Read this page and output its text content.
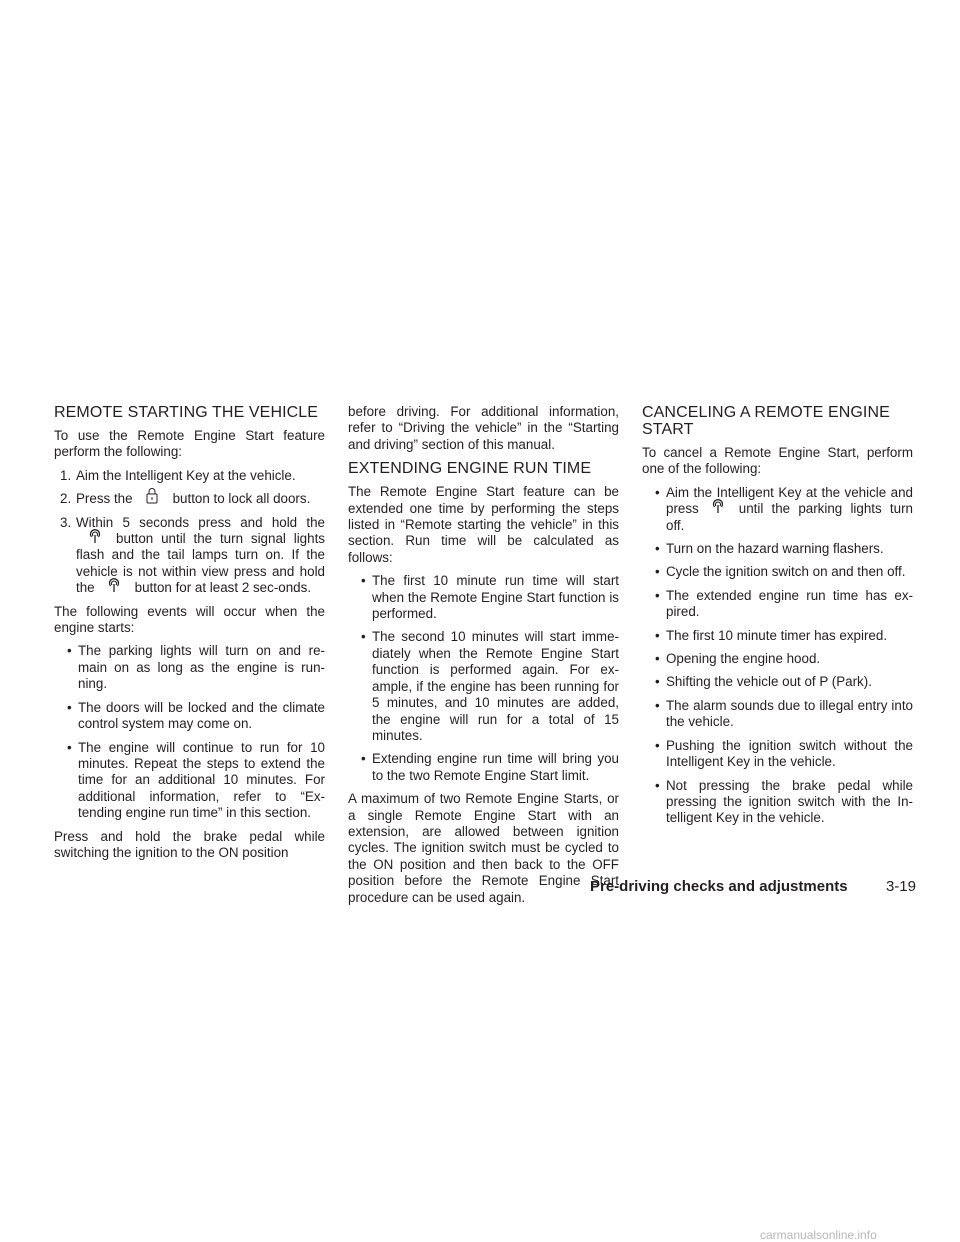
REMOTE STARTING THE VEHICLE

To use the Remote Engine Start feature perform the following:

1. Aim the Intelligent Key at the vehicle.
2. Press the	button to lock all doors.
3. Within 5 seconds press and hold the
button until the turn signal lights flash and the tail lamps turn on. If the vehicle is not within view press and hold the	button for at least 2 sec-onds.

The following events will occur when the engine starts:

• The parking lights will turn on and re-main on as long as the engine is run-ning.
• The doors will be locked and the climate control system may come on.
• The engine will continue to run for 10 minutes. Repeat the steps to extend the time for an additional 10 minutes. For additional information, refer to “Ex-tending engine run time” in this section.

Press and hold the brake pedal while switching the ignition to the ON position

before driving. For additional information, refer to “Driving the vehicle” in the “Starting and driving” section of this manual.

EXTENDING ENGINE RUN TIME

The Remote Engine Start feature can be extended one time by performing the steps listed in “Remote starting the vehicle” in this section. Run time will be calculated as follows:

• The first 10 minute run time will start when the Remote Engine Start function is performed.
• The second 10 minutes will start imme-diately when the Remote Engine Start function is performed again. For ex-ample, if the engine has been running for 5 minutes, and 10 minutes are added, the engine will run for a total of 15 minutes.
• Extending engine run time will bring you to the two Remote Engine Start limit.

A maximum of two Remote Engine Starts, or a single Remote Engine Start with an extension, are allowed between ignition cycles. The ignition switch must be cycled to the ON position and then back to the OFF position before the Remote Engine Start procedure can be used again.

CANCELING A REMOTE ENGINE
START

To cancel a Remote Engine Start, perform one of the following:

• Aim the Intelligent Key at the vehicle and press	until the parking lights turn off.
• Turn on the hazard warning flashers.
• Cycle the ignition switch on and then off.
• The extended engine run time has ex-pired.
• The first 10 minute timer has expired.
• Opening the engine hood.
• Shifting the vehicle out of P (Park).
• The alarm sounds due to illegal entry into the vehicle.
• Pushing the ignition switch without the Intelligent Key in the vehicle.
• Not pressing the brake pedal while pressing the ignition switch with the In-telligent Key in the vehicle.
Pre-driving checks and adjustments	3-19
carmanualsonline.info
